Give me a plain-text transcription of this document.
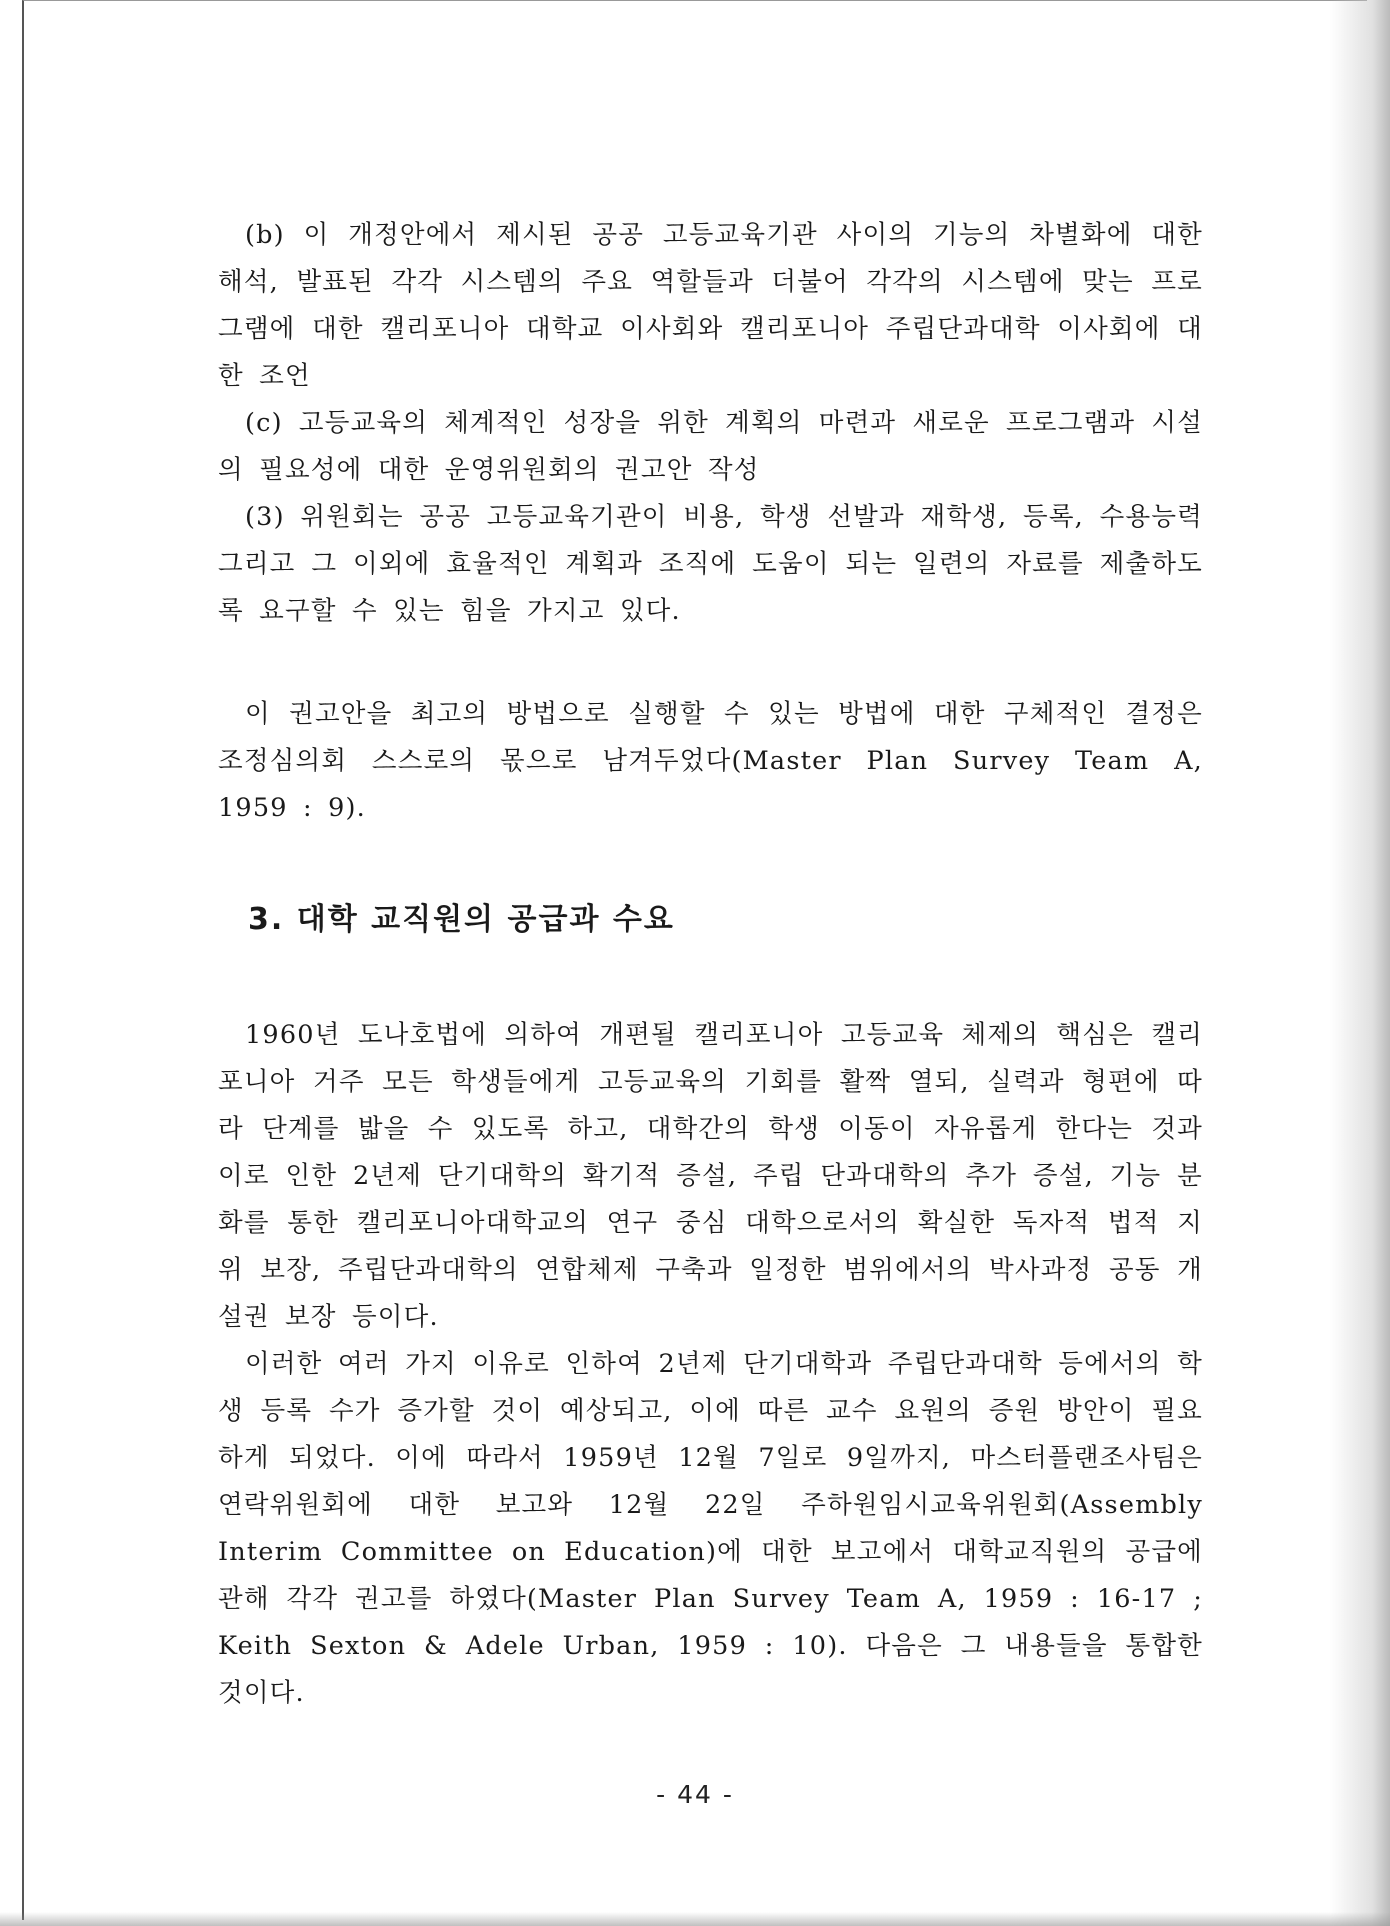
(b) 이 개정안에서 제시된 공공 고등교육기관 사이의 기능의 차별화에 대한 해석, 발표된 각각 시스템의 주요 역할들과 더불어 각각의 시스템에 맞는 프로그램에 대한 캘리포니아 대학교 이사회와 캘리포니아 주립단과대학 이사회에 대한 조언

(c) 고등교육의 체계적인 성장을 위한 계획의 마련과 새로운 프로그램과 시설의 필요성에 대한 운영위원회의 권고안 작성

(3) 위원회는 공공 고등교육기관이 비용, 학생 선발과 재학생, 등록, 수용능력 그리고 그 이외에 효율적인 계획과 조직에 도움이 되는 일련의 자료를 제출하도록 요구할 수 있는 힘을 가지고 있다.

이 권고안을 최고의 방법으로 실행할 수 있는 방법에 대한 구체적인 결정은 조정심의회 스스로의 몫으로 남겨두었다(Master Plan Survey Team A, 1959 : 9).

3. 대학 교직원의 공급과 수요

1960년 도나호법에 의하여 개편될 캘리포니아 고등교육 체제의 핵심은 캘리포니아 거주 모든 학생들에게 고등교육의 기회를 활짝 열되, 실력과 형편에 따라 단계를 밟을 수 있도록 하고, 대학간의 학생 이동이 자유롭게 한다는 것과 이로 인한 2년제 단기대학의 확기적 증설, 주립 단과대학의 추가 증설, 기능 분화를 통한 캘리포니아대학교의 연구 중심 대학으로서의 확실한 독자적 법적 지위 보장, 주립단과대학의 연합체제 구축과 일정한 범위에서의 박사과정 공동 개설권 보장 등이다.

이러한 여러 가지 이유로 인하여 2년제 단기대학과 주립단과대학 등에서의 학생 등록 수가 증가할 것이 예상되고, 이에 따른 교수 요원의 증원 방안이 필요하게 되었다. 이에 따라서 1959년 12월 7일로 9일까지, 마스터플랜조사팀은 연락위원회에 대한 보고와 12월 22일 주하원임시교육위원회(Assembly Interim Committee on Education)에 대한 보고에서 대학교직원의 공급에 관해 각각 권고를 하였다(Master Plan Survey Team A, 1959 : 16-17 ; Keith Sexton & Adele Urban, 1959 : 10). 다음은 그 내용들을 통합한 것이다.

- 44 -
